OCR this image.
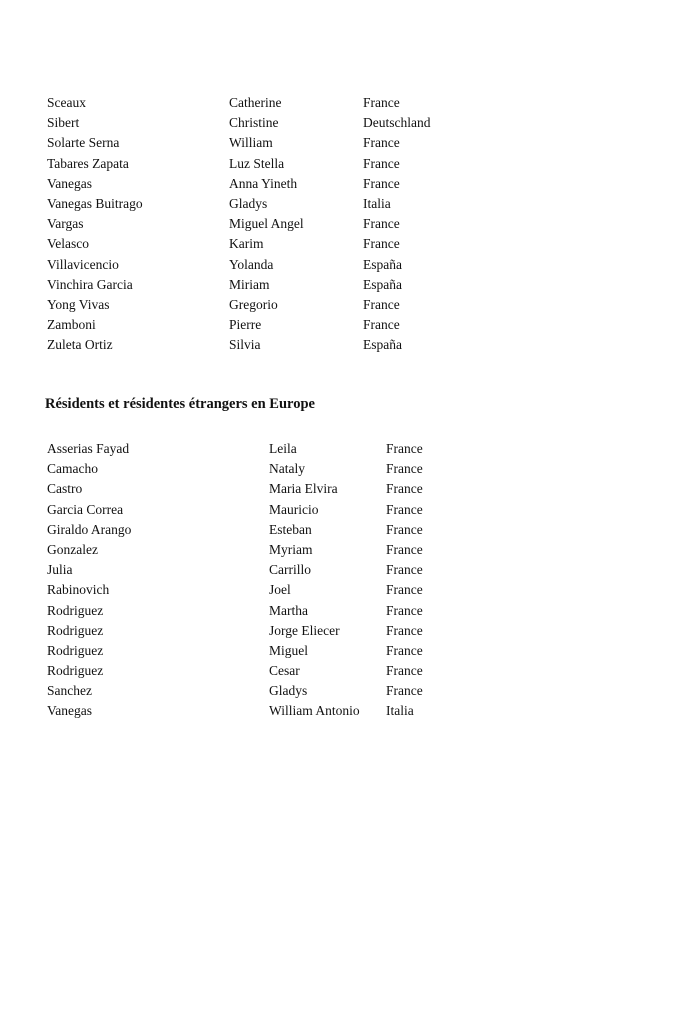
Sceaux	Catherine	France
Sibert	Christine	Deutschland
Solarte Serna	William	France
Tabares Zapata	Luz Stella	France
Vanegas	Anna Yineth	France
Vanegas Buitrago	Gladys	Italia
Vargas	Miguel Angel	France
Velasco	Karim	France
Villavicencio	Yolanda	España
Vinchira Garcia	Miriam	España
Yong Vivas	Gregorio	France
Zamboni	Pierre	France
Zuleta Ortiz	Silvia	España
Résidents et résidentes étrangers en Europe
Asserias Fayad	Leila	France
Camacho	Nataly	France
Castro	Maria Elvira	France
Garcia Correa	Mauricio	France
Giraldo Arango	Esteban	France
Gonzalez	Myriam	France
Julia	Carrillo	France
Rabinovich	Joel	France
Rodriguez	Martha	France
Rodriguez	Jorge Eliecer	France
Rodriguez	Miguel	France
Rodriguez	Cesar	France
Sanchez	Gladys	France
Vanegas	William Antonio Italia
